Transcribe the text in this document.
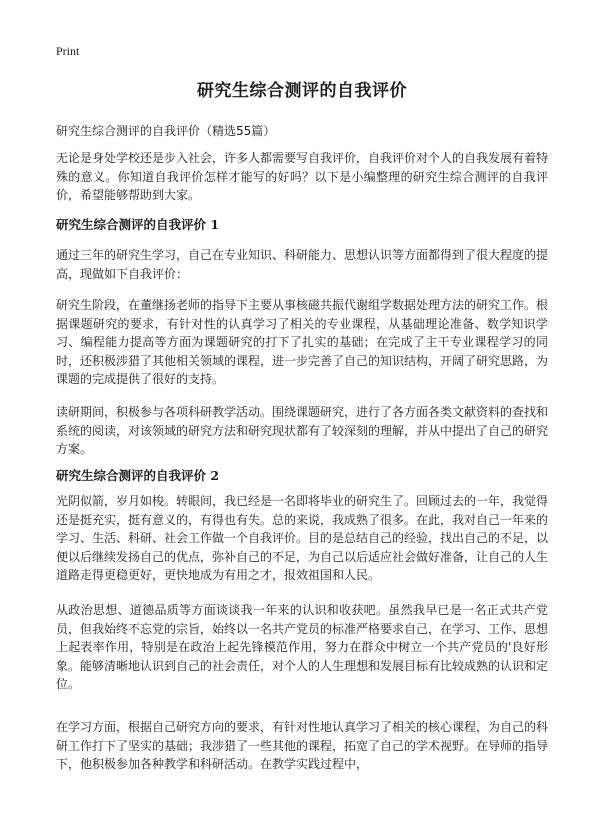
Print
研究生综合测评的自我评价
研究生综合测评的自我评价（精选55篇）

无论是身处学校还是步入社会，许多人都需要写自我评价，自我评价对个人的自我发展有着特殊的意义。你知道自我评价怎样才能写的好吗？以下是小编整理的研究生综合测评的自我评价，希望能够帮助到大家。

研究生综合测评的自我评价 1

通过三年的研究生学习，自己在专业知识、科研能力、思想认识等方面都得到了很大程度的提高，现做如下自我评价：

研究生阶段，在董继扬老师的指导下主要从事核磁共振代谢组学数据处理方法的研究工作。根据课题研究的要求，有针对性的认真学习了相关的专业课程，从基础理论准备、数学知识学习、编程能力提高等方面为课题研究的打下了扎实的基础；在完成了主干专业课程学习的同时，还积极涉猎了其他相关领域的课程，进一步完善了自己的知识结构，开阔了研究思路，为课题的完成提供了很好的支持。

读研期间，积极参与各项科研教学活动。围绕课题研究，进行了各方面各类文献资料的查找和系统的阅读，对该领域的研究方法和研究现状都有了较深刻的理解，并从中提出了自己的研究方案。

研究生综合测评的自我评价 2

光阴似箭，岁月如梭。转眼间，我已经是一名即将毕业的研究生了。回顾过去的一年，我觉得还是挺充实，挺有意义的，有得也有失。总的来说，我成熟了很多。在此，我对自己一年来的学习、生活、科研、社会工作做一个自我评价。目的是总结自己的经验，找出自己的不足，以便以后继续发扬自己的优点，弥补自己的不足，为自己以后适应社会做好准备，让自己的人生道路走得更稳更好，更快地成为有用之才，报效祖国和人民。

从政治思想、道德品质等方面谈谈我一年来的认识和收获吧。虽然我早已是一名正式共产党员，但我始终不忘党的宗旨，始终以一名共产党员的标准严格要求自己，在学习、工作、思想上起表率作用，特别是在政治上起先锋模范作用，努力在群众中树立一个共产党员的'良好形象。能够清晰地认识到自己的社会责任，对个人的人生理想和发展目标有比较成熟的认识和定位。

在学习方面，根据自己研究方向的要求，有针对性地认真学习了相关的核心课程，为自己的科研工作打下了坚实的基础；我涉猎了一些其他的课程，拓宽了自己的学术视野。在导师的指导下，他积极参加各种教学和科研活动。在教学实践过程中，
